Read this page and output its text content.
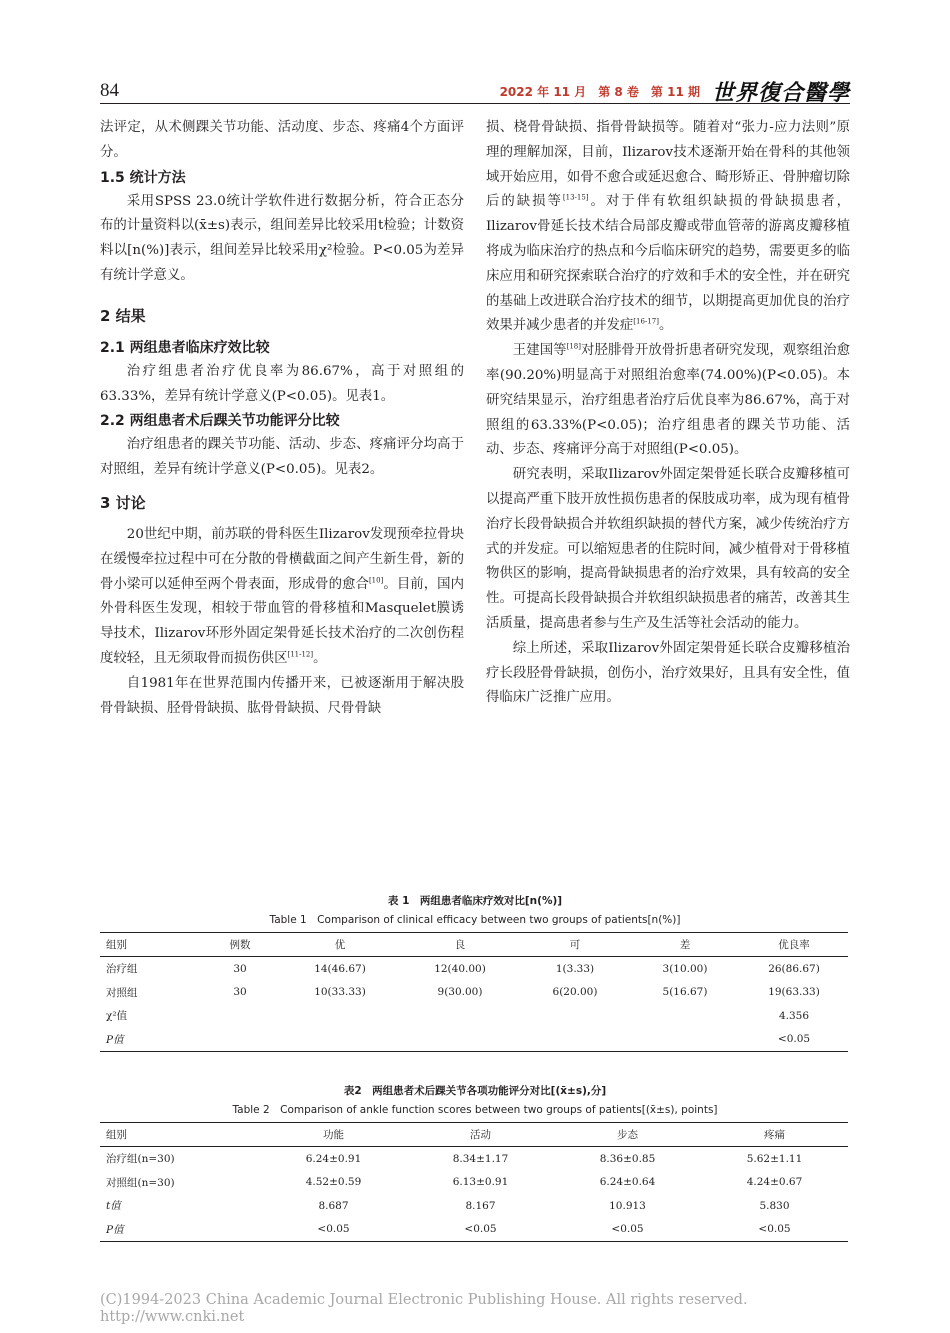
84	2022 年 11 月　第 8 卷　第 11 期 世界復合醫學

法评定，从术侧踝关节功能、活动度、步态、疼痛4个方面评分。

1.5 统计方法

采用SPSS 23.0统计学软件进行数据分析，符合正态分布的计量资料以(x̄±s)表示，组间差异比较采用t检验；计数资料以[n(%)]表示，组间差异比较采用χ²检验。P<0.05为差异有统计学意义。

2 结果
2.1 两组患者临床疗效比较

治疗组患者治疗优良率为86.67%，高于对照组的63.33%，差异有统计学意义(P<0.05)。见表1。

2.2 两组患者术后踝关节功能评分比较

治疗组患者的踝关节功能、活动、步态、疼痛评分均高于对照组，差异有统计学意义(P<0.05)。见表2。

3 讨论

20世纪中期，前苏联的骨科医生Ilizarov发现预牵拉骨块在缓慢牵拉过程中可在分散的骨横截面之间产生新生骨，新的骨小梁可以延伸至两个骨表面，形成骨的愈合[10]。目前，国内外骨科医生发现，相较于带血管的骨移植和Masquelet膜诱导技术，Ilizarov环形外固定架骨延长技术治疗的二次创伤程度较轻，且无须取骨而损伤供区[11-12]。

自1981年在世界范围内传播开来，已被逐渐用于解决股骨骨缺损、胫骨骨缺损、肱骨骨缺损、尺骨骨缺

损、桡骨骨缺损、指骨骨缺损等。随着对“张力-应力法则”原理的理解加深，目前，Ilizarov技术逐渐开始在骨科的其他领域开始应用，如骨不愈合或延迟愈合、畸形矫正、骨肿瘤切除后的缺损等[13-15]。对于伴有软组织缺损的骨缺损患者，Ilizarov骨延长技术结合局部皮瓣或带血管蒂的游离皮瓣移植将成为临床治疗的热点和今后临床研究的趋势，需要更多的临床应用和研究探索联合治疗的疗效和手术的安全性，并在研究的基础上改进联合治疗技术的细节，以期提高更加优良的治疗效果并减少患者的并发症[16-17]。

王建国等[18]对胫腓骨开放骨折患者研究发现，观察组治愈率(90.20%)明显高于对照组治愈率(74.00%)(P<0.05)。本研究结果显示，治疗组患者治疗后优良率为86.67%，高于对照组的63.33%(P<0.05)；治疗组患者的踝关节功能、活动、步态、疼痛评分高于对照组(P<0.05)。

研究表明，采取Ilizarov外固定架骨延长联合皮瓣移植可以提高严重下肢开放性损伤患者的保肢成功率，成为现有植骨治疗长段骨缺损合并软组织缺损的替代方案，减少传统治疗方式的并发症。可以缩短患者的住院时间，减少植骨对于骨移植物供区的影响，提高骨缺损患者的治疗效果，具有较高的安全性。可提高长段骨缺损合并软组织缺损患者的痛苦，改善其生活质量，提高患者参与生产及生活等社会活动的能力。

综上所述，采取Ilizarov外固定架骨延长联合皮瓣移植治疗长段胫骨骨缺损，创伤小，治疗效果好，且具有安全性，值得临床广泛推广应用。

表 1　两组患者临床疗效对比[n(%)]
Table 1　Comparison of clinical efficacy between two groups of patients[n(%)]
组别	例数	优	良	可	差	优良率
治疗组	30	14(46.67)	12(40.00)	1(3.33)	3(10.00)	26(86.67)
对照组	30	10(33.33)	9(30.00)	6(20.00)	5(16.67)	19(63.33)
χ²值						4.356
P值						<0.05
表2　两组患者术后踝关节各项功能评分对比[(x̄±s),分]
Table 2　Comparison of ankle function scores between two groups of patients[(x̄±s), points]
组别	功能	活动	步态	疼痛
治疗组(n=30)	6.24±0.91	8.34±1.17	8.36±0.85	5.62±1.11
对照组(n=30)	4.52±0.59	6.13±0.91	6.24±0.64	4.24±0.67
t值	8.687	8.167	10.913	5.830
P值	<0.05	<0.05	<0.05	<0.05
(C)1994-2023 China Academic Journal Electronic Publishing House. All rights reserved.　http://www.cnki.net
